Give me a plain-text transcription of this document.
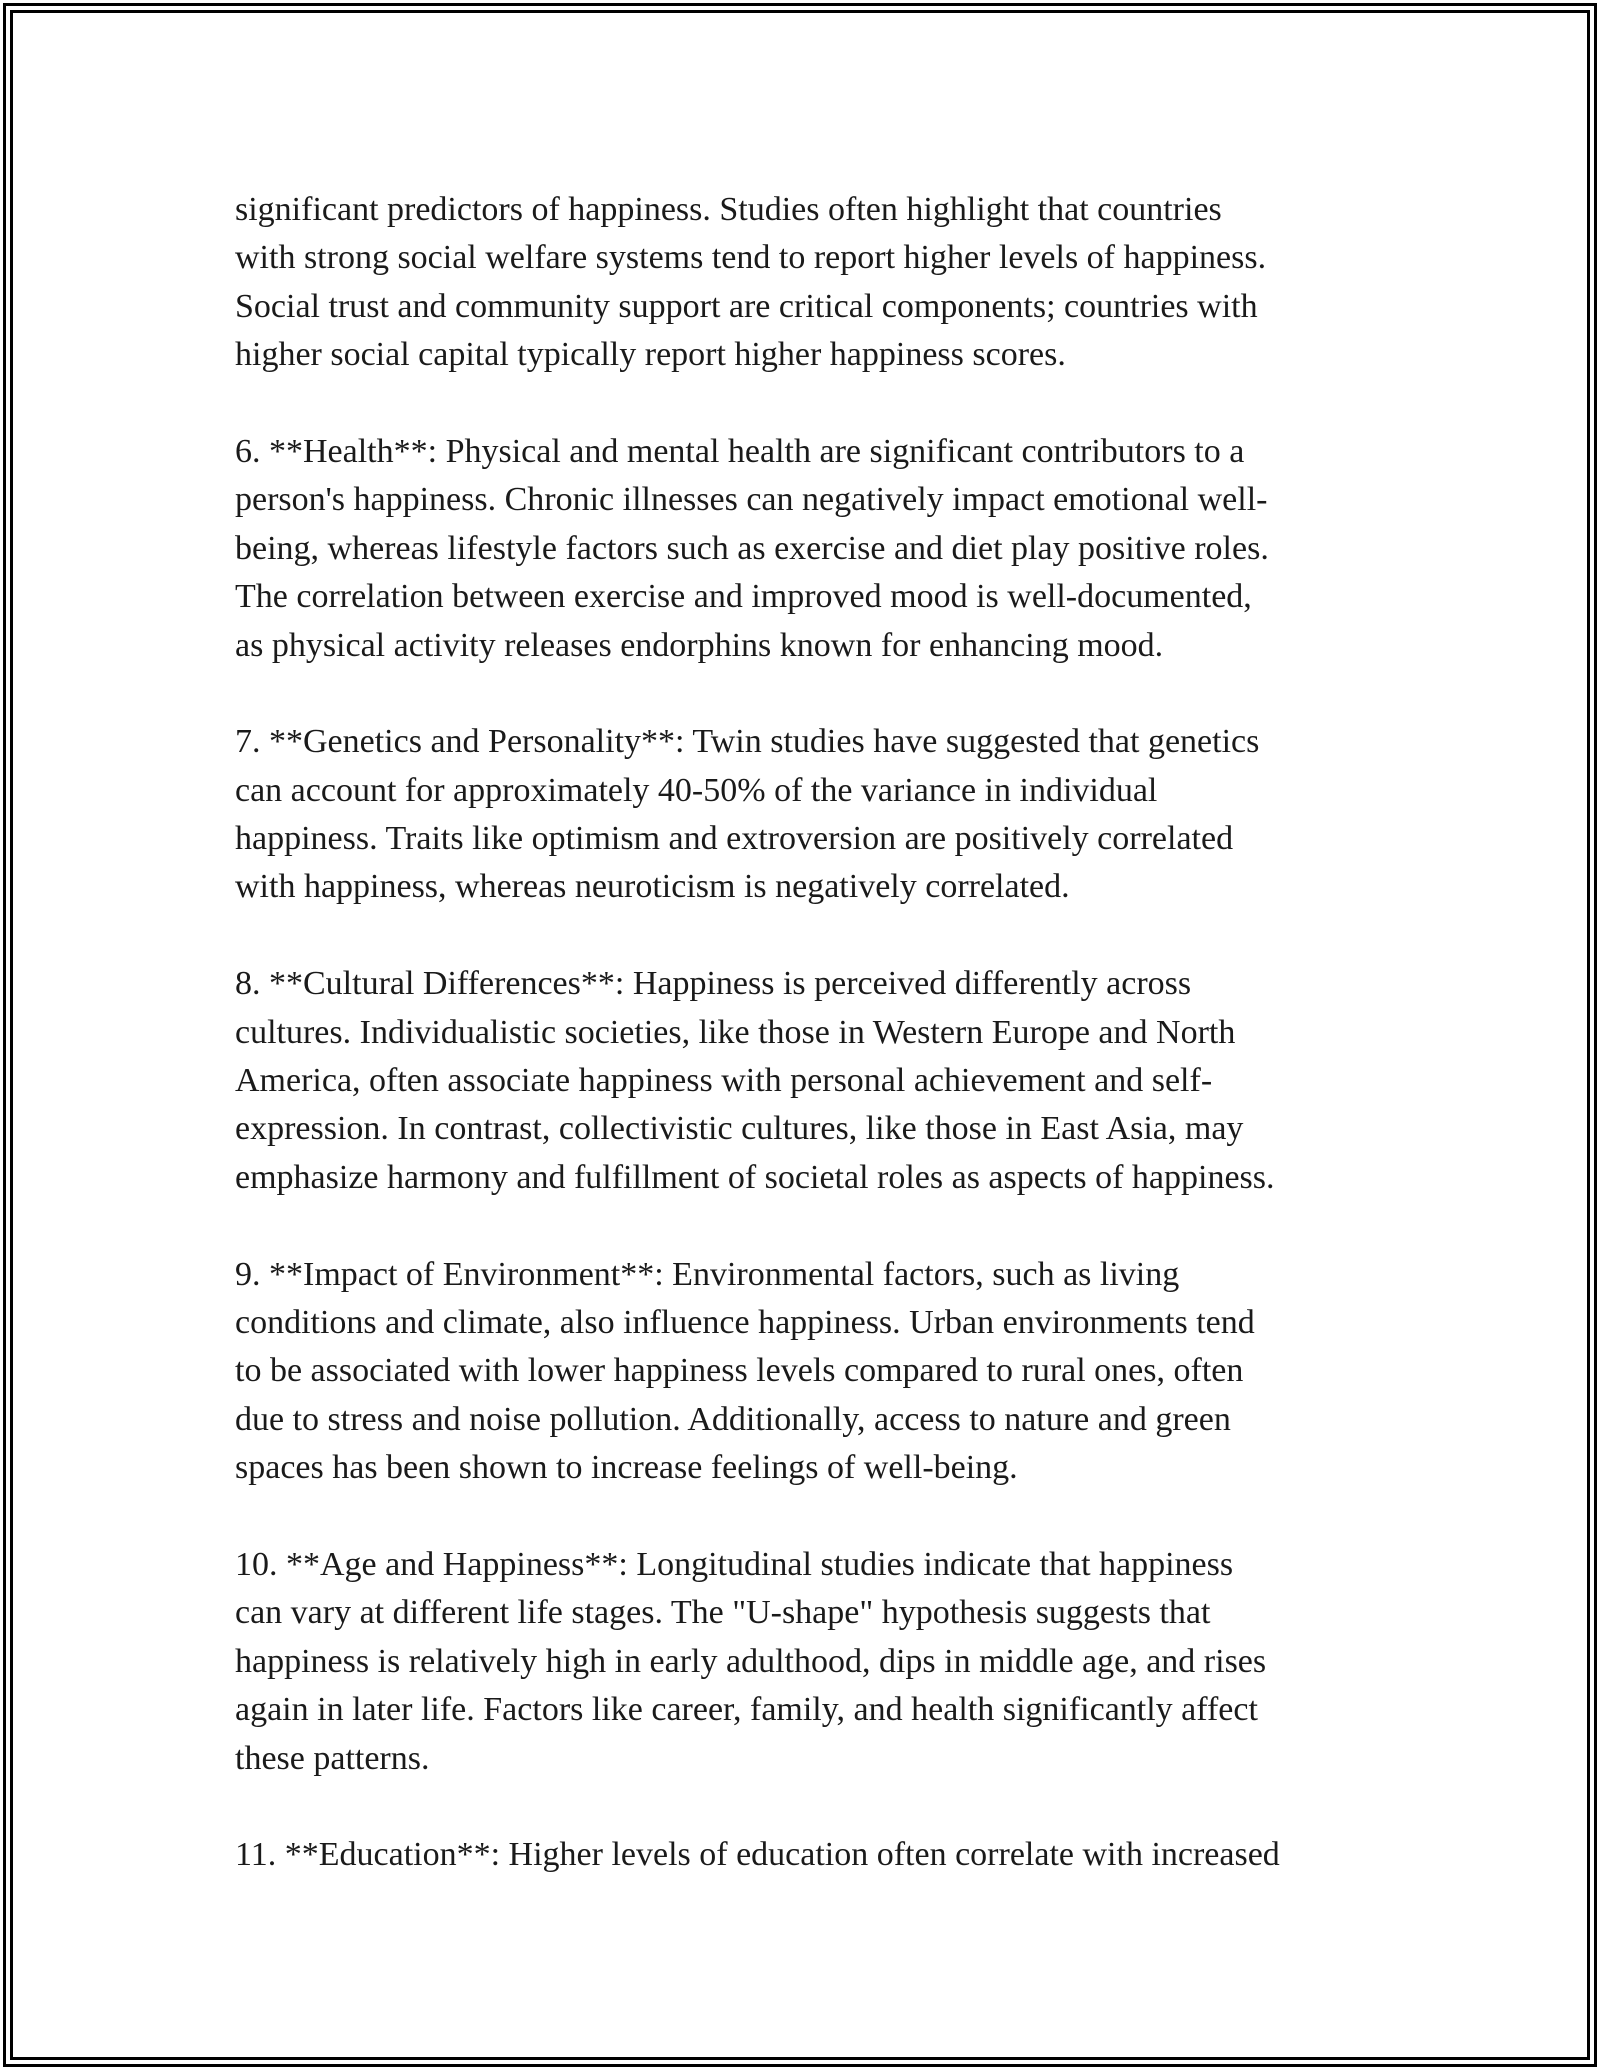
significant predictors of happiness. Studies often highlight that countries
with strong social welfare systems tend to report higher levels of happiness.
Social trust and community support are critical components; countries with
higher social capital typically report higher happiness scores.
6. **Health**: Physical and mental health are significant contributors to a
person's happiness. Chronic illnesses can negatively impact emotional well-
being, whereas lifestyle factors such as exercise and diet play positive roles.
The correlation between exercise and improved mood is well-documented,
as physical activity releases endorphins known for enhancing mood.
7. **Genetics and Personality**: Twin studies have suggested that genetics
can account for approximately 40-50% of the variance in individual
happiness. Traits like optimism and extroversion are positively correlated
with happiness, whereas neuroticism is negatively correlated.
8. **Cultural Differences**: Happiness is perceived differently across
cultures. Individualistic societies, like those in Western Europe and North
America, often associate happiness with personal achievement and self-
expression. In contrast, collectivistic cultures, like those in East Asia, may
emphasize harmony and fulfillment of societal roles as aspects of happiness.
9. **Impact of Environment**: Environmental factors, such as living
conditions and climate, also influence happiness. Urban environments tend
to be associated with lower happiness levels compared to rural ones, often
due to stress and noise pollution. Additionally, access to nature and green
spaces has been shown to increase feelings of well-being.
10. **Age and Happiness**: Longitudinal studies indicate that happiness
can vary at different life stages. The "U-shape" hypothesis suggests that
happiness is relatively high in early adulthood, dips in middle age, and rises
again in later life. Factors like career, family, and health significantly affect
these patterns.
11. **Education**: Higher levels of education often correlate with increased
